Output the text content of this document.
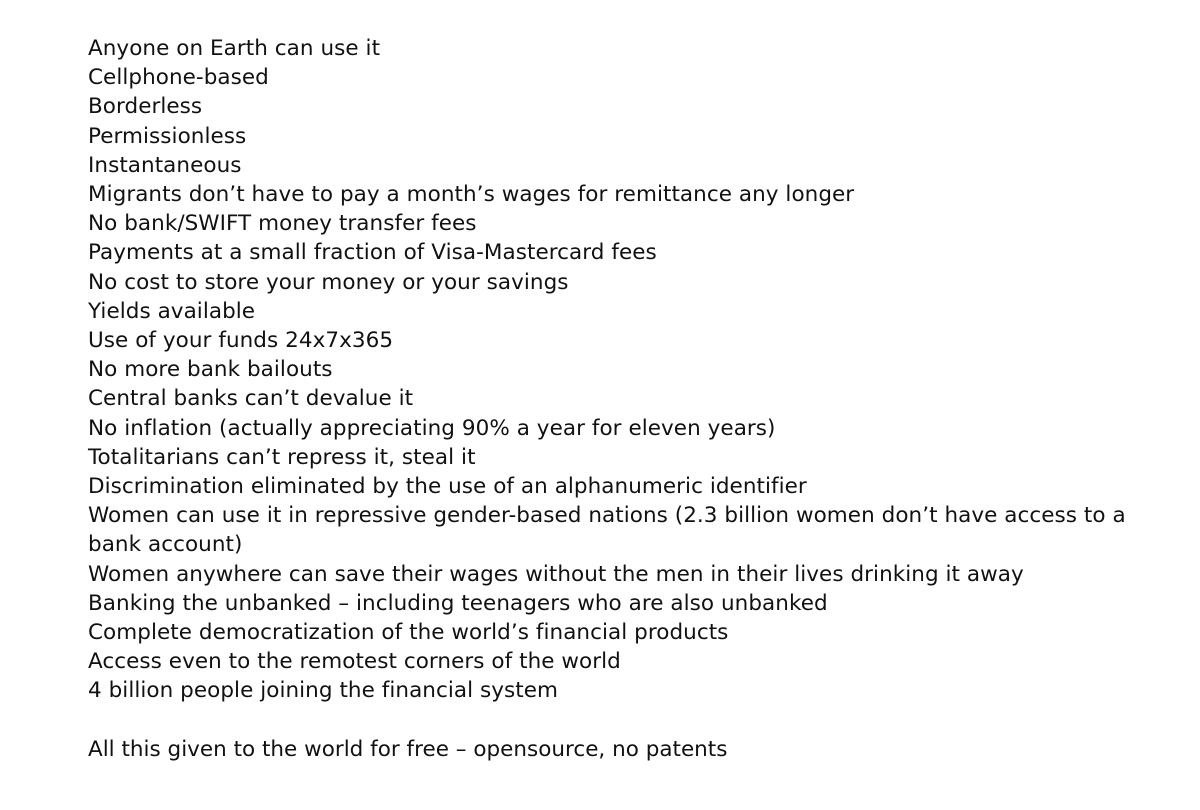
Anyone on Earth can use it
Cellphone-based
Borderless
Permissionless
Instantaneous
Migrants don’t have to pay a month’s wages for remittance any longer
No bank/SWIFT money transfer fees
Payments at a small fraction of Visa-Mastercard fees
No cost to store your money or your savings
Yields available
Use of your funds 24x7x365
No more bank bailouts
Central banks can’t devalue it
No inflation (actually appreciating 90% a year for eleven years)
Totalitarians can’t repress it, steal it
Discrimination eliminated by the use of an alphanumeric identifier
Women can use it in repressive gender-based nations (2.3 billion women don’t have access to a bank account)
Women anywhere can save their wages without the men in their lives drinking it away
Banking the unbanked – including teenagers who are also unbanked
Complete democratization of the world’s financial products
Access even to the remotest corners of the world
4 billion people joining the financial system

All this given to the world for free – opensource, no patents
